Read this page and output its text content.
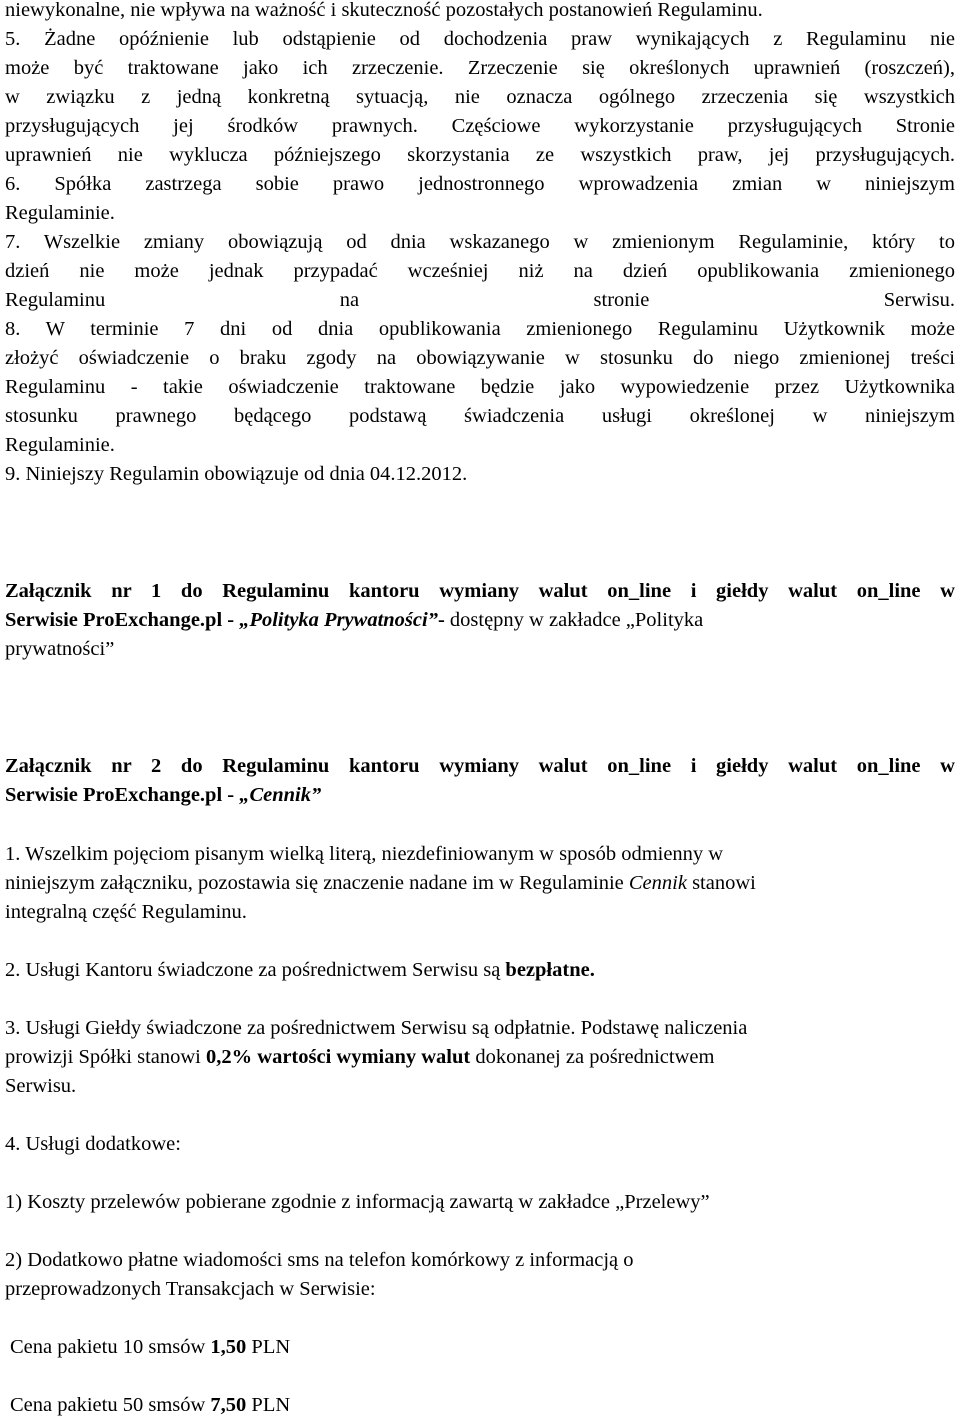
niewykonalne, nie wpływa na ważność i skuteczność pozostałych postanowień Regulaminu.
5. Żadne opóźnienie lub odstąpienie od dochodzenia praw wynikających z Regulaminu nie
może być traktowane jako ich zrzeczenie. Zrzeczenie się określonych uprawnień (roszczeń),
w związku z jedną konkretną sytuacją, nie oznacza ogólnego zrzeczenia się wszystkich
przysługujących jej środków prawnych. Częściowe wykorzystanie przysługujących Stronie
uprawnień nie wyklucza późniejszego skorzystania ze wszystkich praw, jej przysługujących.
6. Spółka zastrzega sobie prawo jednostronnego wprowadzenia zmian w niniejszym
Regulaminie.
7. Wszelkie zmiany obowiązują od dnia wskazanego w zmienionym Regulaminie, który to
dzień nie może jednak przypadać wcześniej niż na dzień opublikowania zmienionego
Regulaminu	na	stronie	Serwisu.
8. W terminie 7 dni od dnia opublikowania zmienionego Regulaminu Użytkownik może
złożyć oświadczenie o braku zgody na obowiązywanie w stosunku do niego zmienionej treści
Regulaminu - takie oświadczenie traktowane będzie jako wypowiedzenie przez Użytkownika
stosunku prawnego będącego podstawą świadczenia usługi określonej w niniejszym
Regulaminie.
9. Niniejszy Regulamin obowiązuje od dnia 04.12.2012.
Załącznik nr 1 do Regulaminu kantoru wymiany walut on_line i giełdy walut on_line w
Serwisie ProExchange.pl - „Polityka Prywatności”- dostępny w zakładce „Polityka
prywatności”
Załącznik nr 2 do Regulaminu kantoru wymiany walut on_line i giełdy walut on_line w
Serwisie ProExchange.pl - „Cennik”
1. Wszelkim pojęciom pisanym wielką literą, niezdefiniowanym w sposób odmienny w
niniejszym załączniku, pozostawia się znaczenie nadane im w Regulaminie Cennik stanowi
integralną część Regulaminu.
2. Usługi Kantoru świadczone za pośrednictwem Serwisu są bezpłatne.
3. Usługi Giełdy świadczone za pośrednictwem Serwisu są odpłatnie. Podstawę naliczenia
prowizji Spółki stanowi 0,2% wartości wymiany walut dokonanej za pośrednictwem
Serwisu.
4. Usługi dodatkowe:
1) Koszty przelewów pobierane zgodnie z informacją zawartą w zakładce „Przelewy”
2) Dodatkowo płatne wiadomości sms na telefon komórkowy z informacją o
przeprowadzonych Transakcjach w Serwisie:
Cena pakietu 10 smsów 1,50 PLN
Cena pakietu 50 smsów 7,50 PLN
